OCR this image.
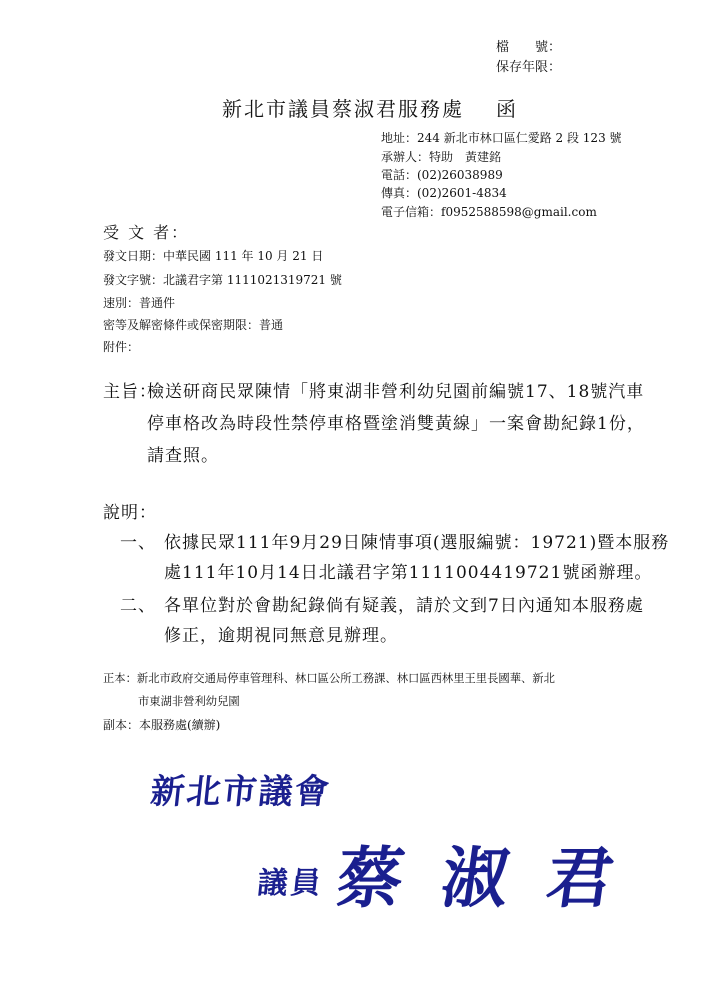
檔　　號：
保存年限：
新北市議員蔡淑君服務處 函
地址：244 新北市林口區仁愛路 2 段 123 號
承辦人：特助　黃建銘
電話：(02)26038989
傳真：(02)2601-4834
電子信箱：f0952588598@gmail.com
受 文 者：
發文日期：中華民國 111 年 10 月 21 日
發文字號：北議君字第 1111021319721 號
速別：普通件
密等及解密條件或保密期限：普通
附件：
主旨：
檢送研商民眾陳情「將東湖非營利幼兒園前編號17、18號汽車
停車格改為時段性禁停車格暨塗消雙黃線」一案會勘紀錄1份，
請查照。
說明：
一、 依據民眾111年9月29日陳情事項(選服編號：19721)暨本服務
處111年10月14日北議君字第1111004419721號函辦理。
二、 各單位對於會勘紀錄倘有疑義，請於文到7日內通知本服務處
修正，逾期視同無意見辦理。
正本：新北市政府交通局停車管理科、林口區公所工務課、林口區西林里王里長國華、新北
市東湖非營利幼兒園
副本：本服務處(續辦)
新北市議會
議員 蔡 淑 君
